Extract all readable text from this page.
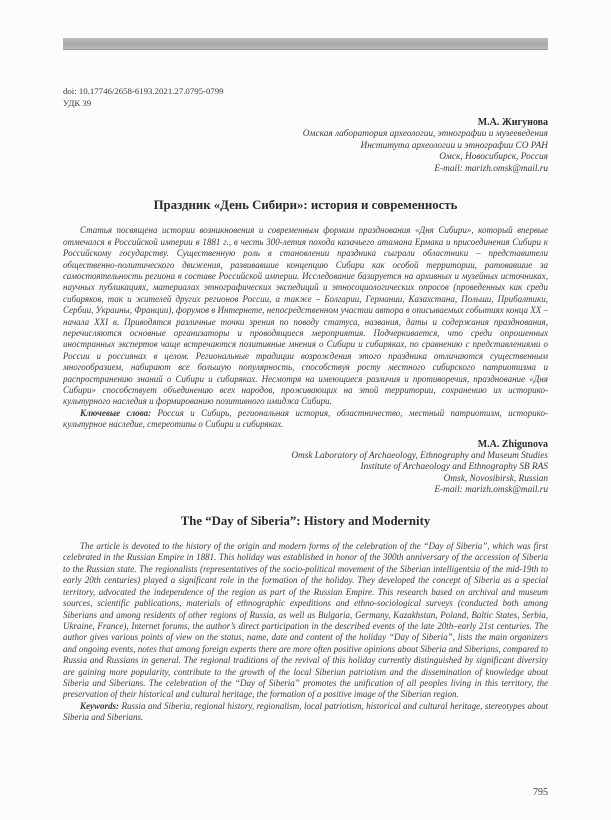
doi: 10.17746/2658-6193.2021.27.0795-0799
УДК 39
М.А. Жигунова
Омская лаборатория археологии, этнографии и музееведения
Института археологии и этнографии СО РАН
Омск, Новосибирск, Россия
E-mail: marizh.omsk@mail.ru
Праздник «День Сибири»: история и современность

Статья посвящена истории возникновения и современным формам празднования «Дня Сибири», который впервые отмечался в Российской империи в 1881 г., в честь 300-летия похода казачьего атамана Ермака и присоединения Сибири к Российскому государству. Существенную роль в становлении праздника сыграли областники – представители общественно-политического движения, развивавшие концепцию Сибири как особой территории, ратовавшие за самостоятельность региона в составе Российской империи. Исследование базируется на архивных и музейных источниках, научных публикациях, материалах этнографических экспедиций и этносоциологических опросов (проведенных как среди сибиряков, так и жителей других регионов России, а также – Болгарии, Германии, Казахстана, Польши, Прибалтики, Сербии, Украины, Франции), форумов в Интернете, непосредственном участии автора в описываемых событиях конца XX – начала XXI в. Приводятся различные точки зрения по поводу статуса, названия, даты и содержания празднования, перечисляются основные организаторы и проводящиеся мероприятия. Подчеркивается, что среди опрошенных иностранных экспертов чаще встречаются позитивные мнения о Сибири и сибиряках, по сравнению с представлениями о России и россиянах в целом. Региональные традиции возрождения этого праздника отличаются существенным многообразием, набирают все большую популярность, способствуя росту местного сибирского патриотизма и распространению знаний о Сибири и сибиряках. Несмотря на имеющиеся различия и противоречия, празднование «Дня Сибири» способствует объединению всех народов, проживающих на этой территории, сохранению их историко-культурного наследия и формированию позитивного имиджа Сибири.

Ключевые слова: Россия и Сибирь, региональная история, областничество, местный патриотизм, историко-культурное наследие, стереотипы о Сибири и сибиряках.

M.A. Zhigunova
Omsk Laboratory of Archaeology, Ethnography and Museum Studies
Institute of Archaeology and Ethnography SB RAS
Omsk, Novosibirsk, Russian
E-mail: marizh.omsk@mail.ru
The “Day of Siberia”: History and Modernity

The article is devoted to the history of the origin and modern forms of the celebration of the “Day of Siberia”, which was first celebrated in the Russian Empire in 1881. This holiday was established in honor of the 300th anniversary of the accession of Siberia to the Russian state. The regionalists (representatives of the socio-political movement of the Siberian intelligentsia of the mid-19th to early 20th centuries) played a significant role in the formation of the holiday. They developed the concept of Siberia as a special territory, advocated the independence of the region as part of the Russian Empire. This research based on archival and museum sources, scientific publications, materials of ethnographic expeditions and ethno-sociological surveys (conducted both among Siberians and among residents of other regions of Russia, as well as Bulgaria, Germany, Kazakhstan, Poland, Baltic States, Serbia, Ukraine, France), Internet forums, the author’s direct participation in the described events of the late 20th–early 21st centuries. The author gives various points of view on the status, name, date and content of the holiday “Day of Siberia”, lists the main organizers and ongoing events, notes that among foreign experts there are more often positive opinions about Siberia and Siberians, compared to Russia and Russians in general. The regional traditions of the revival of this holiday currently distinguished by significant diversity are gaining more popularity, contribute to the growth of the local Siberian patriotism and the dissemination of knowledge about Siberia and Siberians. The celebration of the “Day of Siberia” promotes the unification of all peoples living in this territory, the preservation of their historical and cultural heritage, the formation of a positive image of the Siberian region.

Keywords: Russia and Siberia, regional history, regionalism, local patriotism, historical and cultural heritage, stereotypes about Siberia and Siberians.

795
